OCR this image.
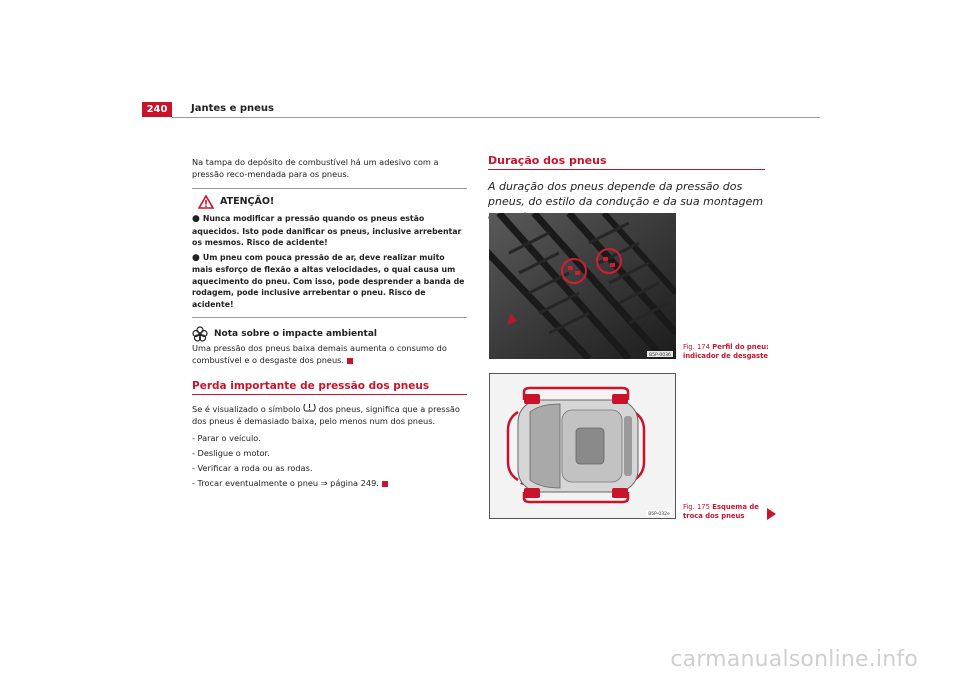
240	Jantes e pneus

Na tampa do depósito de combustível há um adesivo com a pressão reco-mendada para os pneus.

ATENÇÃO!
● Nunca modificar a pressão quando os pneus estão aquecidos. Isto pode danificar os pneus, inclusive arrebentar os mesmos. Risco de acidente!
● Um pneu com pouca pressão de ar, deve realizar muito mais esforço de flexão a altas velocidades, o qual causa um aquecimento do pneu. Com isso, pode desprender a banda de rodagem, pode inclusive arrebentar o pneu. Risco de acidente!
Nota sobre o impacte ambiental

Uma pressão dos pneus baixa demais aumenta o consumo do combustível e o desgaste dos pneus.

Perda importante de pressão dos pneus

Se é visualizado o símbolo dos pneus, significa que a pressão dos pneus é demasiado baixa, pelo menos num dos pneus.

- Parar o veículo.
- Desligue o motor.
- Verificar a roda ou as rodas.
- Trocar eventualmente o pneu ⇒ página 249.
Duração dos pneus
A duração dos pneus depende da pressão dos pneus, do estilo da condução e da sua montagem
B5P-0036
B5P-032e
Fig. 174 Perfil do pneu: indicador de desgaste
Fig. 175 Esquema de troca dos pneus
carmanualsonline.info
